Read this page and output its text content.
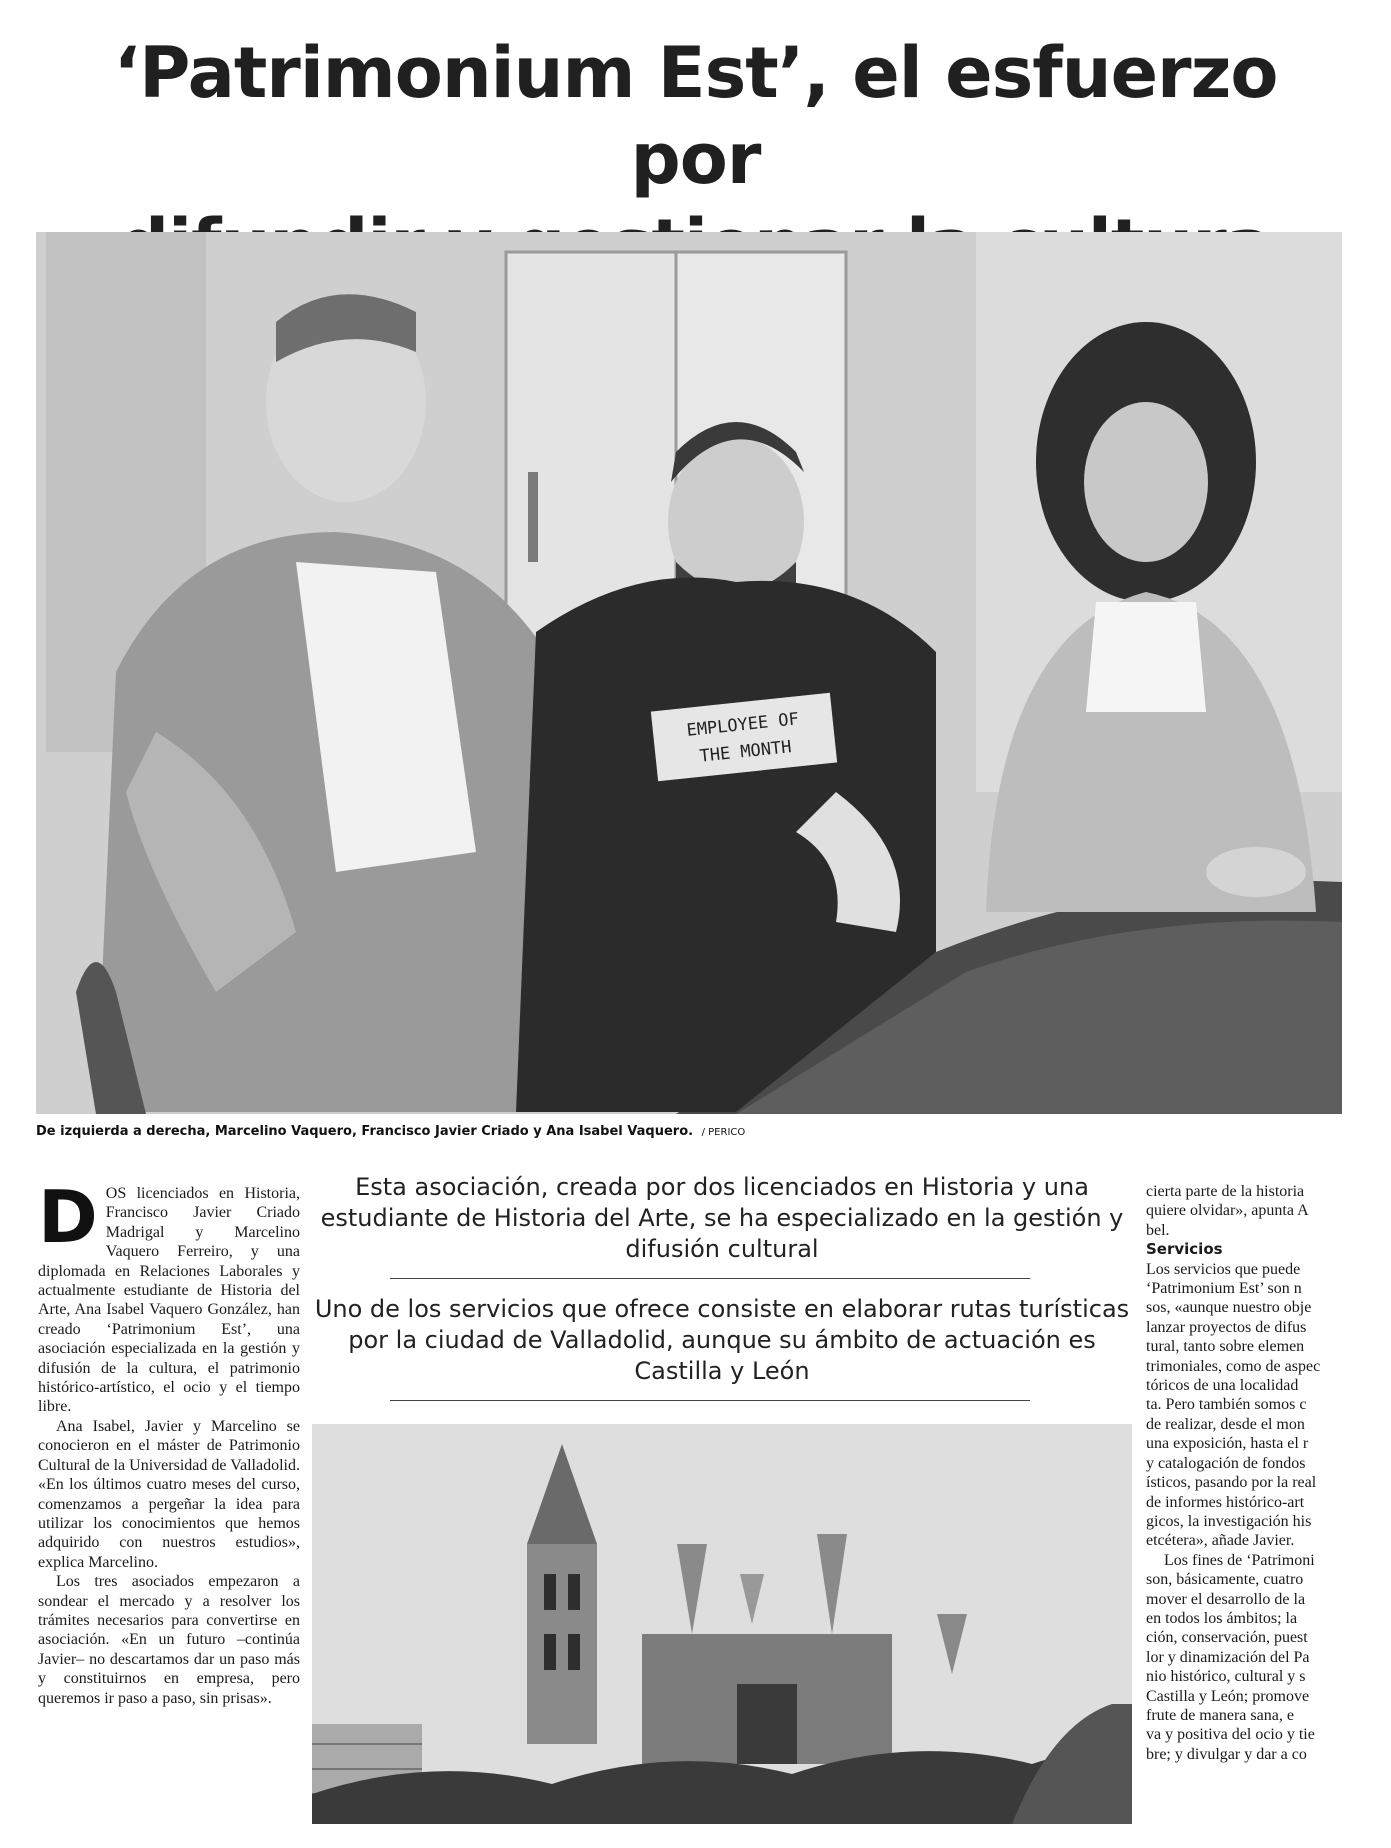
‘Patrimonium Est’, el esfuerzo por
EMPLOYEE OF
THE MONTH
De izquierda a derecha, Marcelino Vaquero, Francisco Javier Criado y Ana Isabel Vaquero. / PERICO

DOS licenciados en Historia, Francisco Javier Criado Madrigal y Marcelino Vaquero Ferreiro, y una diplomada en Relaciones Laborales y actualmente estudiante de Historia del Arte, Ana Isabel Vaquero González, han creado ‘Patrimonium Est’, una asociación especializada en la gestión y difusión de la cultura, el patrimonio histórico-artístico, el ocio y el tiempo libre.

Ana Isabel, Javier y Marcelino se conocieron en el máster de Patrimonio Cultural de la Universidad de Valladolid. «En los últimos cuatro meses del curso, comenzamos a pergeñar la idea para utilizar los conocimientos que hemos adquirido con nuestros estudios», explica Marcelino.

Los tres asociados empezaron a sondear el mercado y a resolver los trámites necesarios para convertirse en asociación. «En un futuro –continúa Javier– no descartamos dar un paso más y constituirnos en empresa, pero queremos ir paso a paso, sin prisas».

Esta asociación, creada por dos licenciados en Historia y una estudiante de Historia del Arte, se ha especializado en la gestión y difusión cultural

Uno de los servicios que ofrece consiste en elaborar rutas turísticas por la ciudad de Valladolid, aunque su ámbito de actuación es Castilla y León

cierta parte de la historia

quiere olvidar», apunta A

bel.

Servicios

Los servicios que puede

‘Patrimonium Est’ son n

sos, «aunque nuestro obje

lanzar proyectos de difus

tural, tanto sobre elemen

trimoniales, como de aspec

tóricos de una localidad

ta. Pero también somos c

de realizar, desde el mon

una exposición, hasta el r

y catalogación de fondos

ísticos, pasando por la real

de informes histórico-art

gicos, la investigación his

etcétera», añade Javier.

Los fines de ‘Patrimoni

son, básicamente, cuatro

mover el desarrollo de la

en todos los ámbitos; la

ción, conservación, puest

lor y dinamización del Pa

nio histórico, cultural y s

Castilla y León; promove

frute de manera sana, e

va y positiva del ocio y tie

bre; y divulgar y dar a co
